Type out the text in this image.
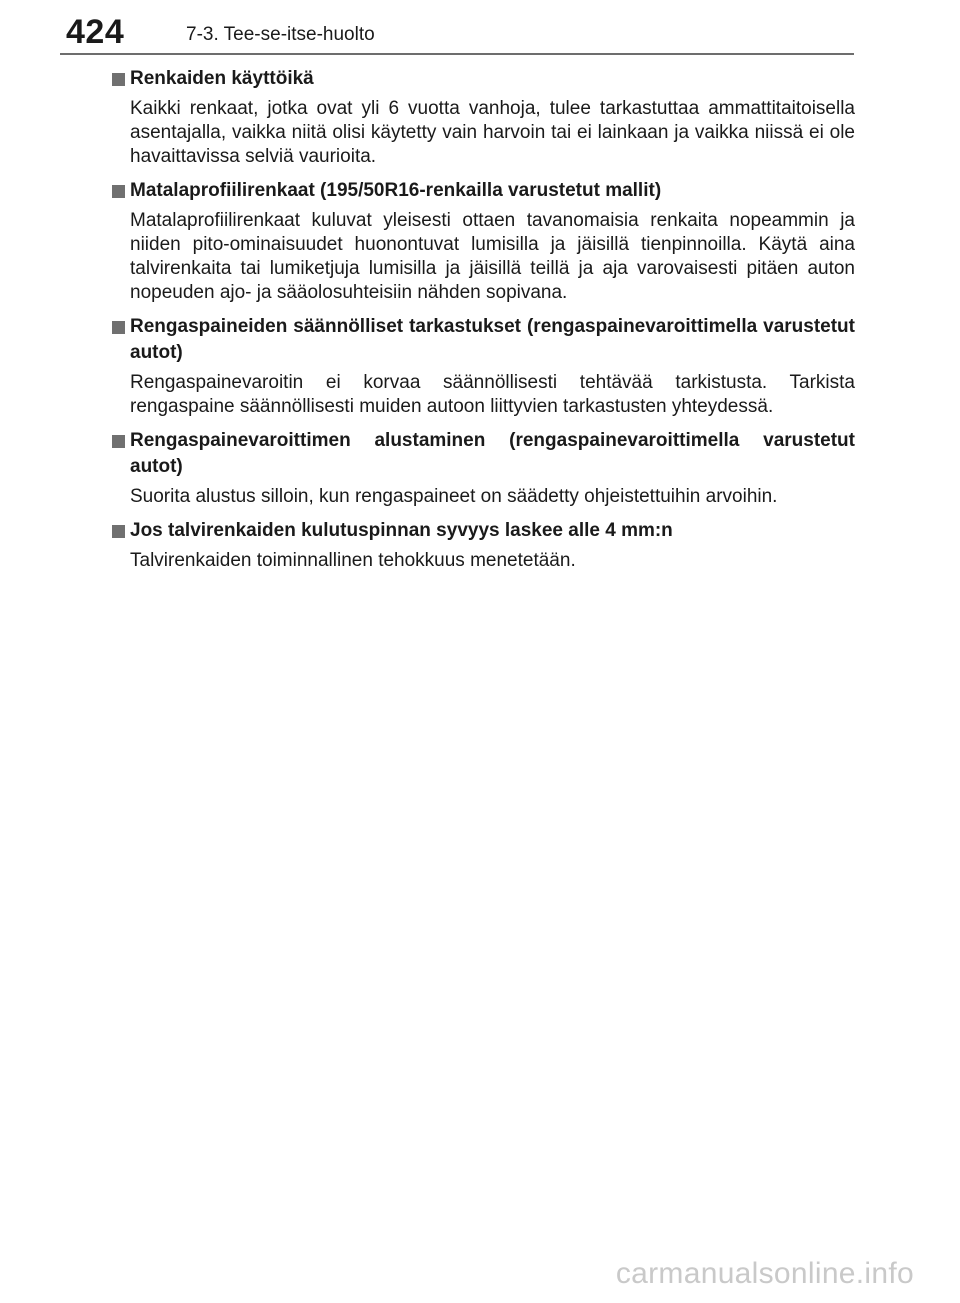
424	7-3. Tee-se-itse-huolto
Renkaiden käyttöikä

Kaikki renkaat, jotka ovat yli 6 vuotta vanhoja, tulee tarkastuttaa ammattitaitoisella asentajalla, vaikka niitä olisi käytetty vain harvoin tai ei lainkaan ja vaikka niissä ei ole havaittavissa selviä vaurioita.

Matalaprofiilirenkaat (195/50R16-renkailla varustetut mallit)

Matalaprofiilirenkaat kuluvat yleisesti ottaen tavanomaisia renkaita nopeammin ja niiden pito-ominaisuudet huonontuvat lumisilla ja jäisillä tienpinnoilla. Käytä aina talvirenkaita tai lumiketjuja lumisilla ja jäisillä teillä ja aja varovaisesti pitäen auton nopeuden ajo- ja sääolosuhteisiin nähden sopivana.

Rengaspaineiden säännölliset tarkastukset (rengaspainevaroittimella varustetut autot)

Rengaspainevaroitin ei korvaa säännöllisesti tehtävää tarkistusta. Tarkista rengaspaine säännöllisesti muiden autoon liittyvien tarkastusten yhteydessä.

Rengaspainevaroittimen alustaminen (rengaspainevaroittimella varustetut autot)

Suorita alustus silloin, kun rengaspaineet on säädetty ohjeistettuihin arvoihin.

Jos talvirenkaiden kulutuspinnan syvyys laskee alle 4 mm:n

Talvirenkaiden toiminnallinen tehokkuus menetetään.

carmanualsonline.info
